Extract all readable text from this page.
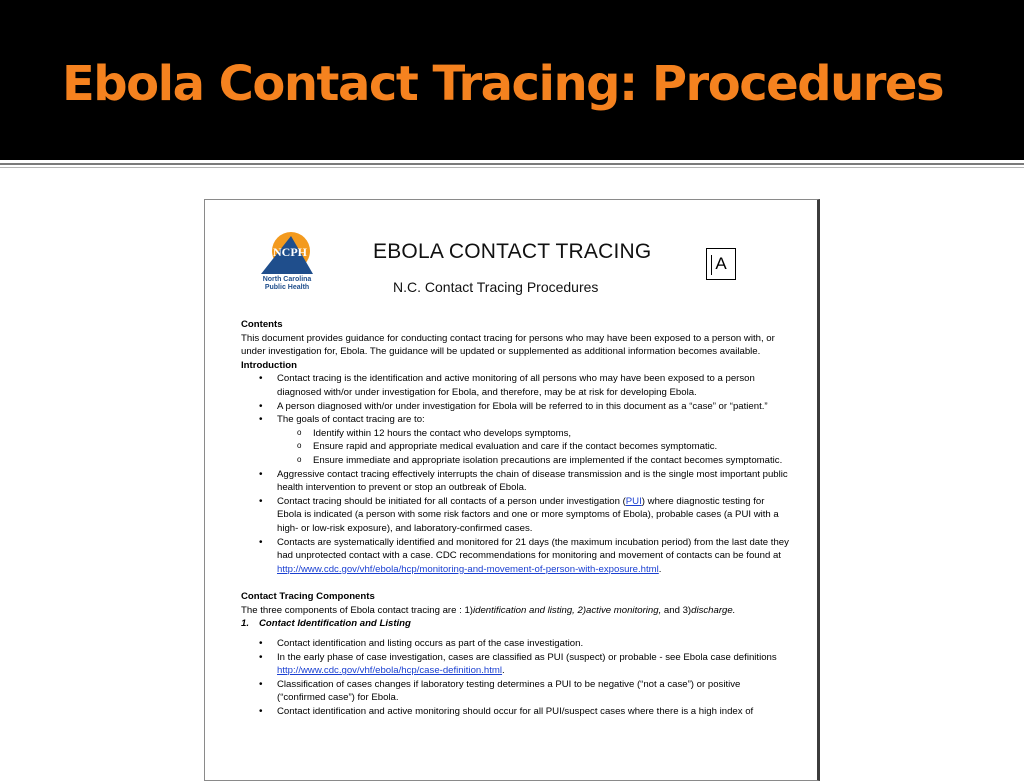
Ebola Contact Tracing: Procedures
NCPH
North Carolina
Public Health
EBOLA CONTACT TRACING
N.C. Contact Tracing Procedures
A
Contents

This document provides guidance for conducting contact tracing for persons who may have been exposed to a person with, or under investigation for, Ebola. The guidance will be updated or supplemented as additional information becomes available.

Introduction
• Contact tracing is the identification and active monitoring of all persons who may have been exposed to a person diagnosed with/or under investigation for Ebola, and therefore, may be at risk for developing Ebola.
• A person diagnosed with/or under investigation for Ebola will be referred to in this document as a “case” or “patient.”
• The goals of contact tracing are to:
o Identify within 12 hours the contact who develops symptoms,
o Ensure rapid and appropriate medical evaluation and care if the contact becomes symptomatic.
o Ensure immediate and appropriate isolation precautions are implemented if the contact becomes symptomatic.
• Aggressive contact tracing effectively interrupts the chain of disease transmission and is the single most important public health intervention to prevent or stop an outbreak of Ebola.
• Contact tracing should be initiated for all contacts of a person under investigation (PUI) where diagnostic testing for Ebola is indicated (a person with some risk factors and one or more symptoms of Ebola), probable cases (a PUI with a high- or low-risk exposure), and laboratory-confirmed cases.
• Contacts are systematically identified and monitored for 21 days (the maximum incubation period) from the last date they had unprotected contact with a case. CDC recommendations for monitoring and movement of contacts can be found at http://www.cdc.gov/vhf/ebola/hcp/monitoring-and-movement-of-person-with-exposure.html.
Contact Tracing Components

The three components of Ebola contact tracing are : 1)identification and listing, 2)active monitoring, and 3)discharge.

1. Contact Identification and Listing
• Contact identification and listing occurs as part of the case investigation.
• In the early phase of case investigation, cases are classified as PUI (suspect) or probable - see Ebola case definitions http://www.cdc.gov/vhf/ebola/hcp/case-definition.html.
• Classification of cases changes if laboratory testing determines a PUI to be negative (“not a case”) or positive (“confirmed case”) for Ebola.
• Contact identification and active monitoring should occur for all PUI/suspect cases where there is a high index of
